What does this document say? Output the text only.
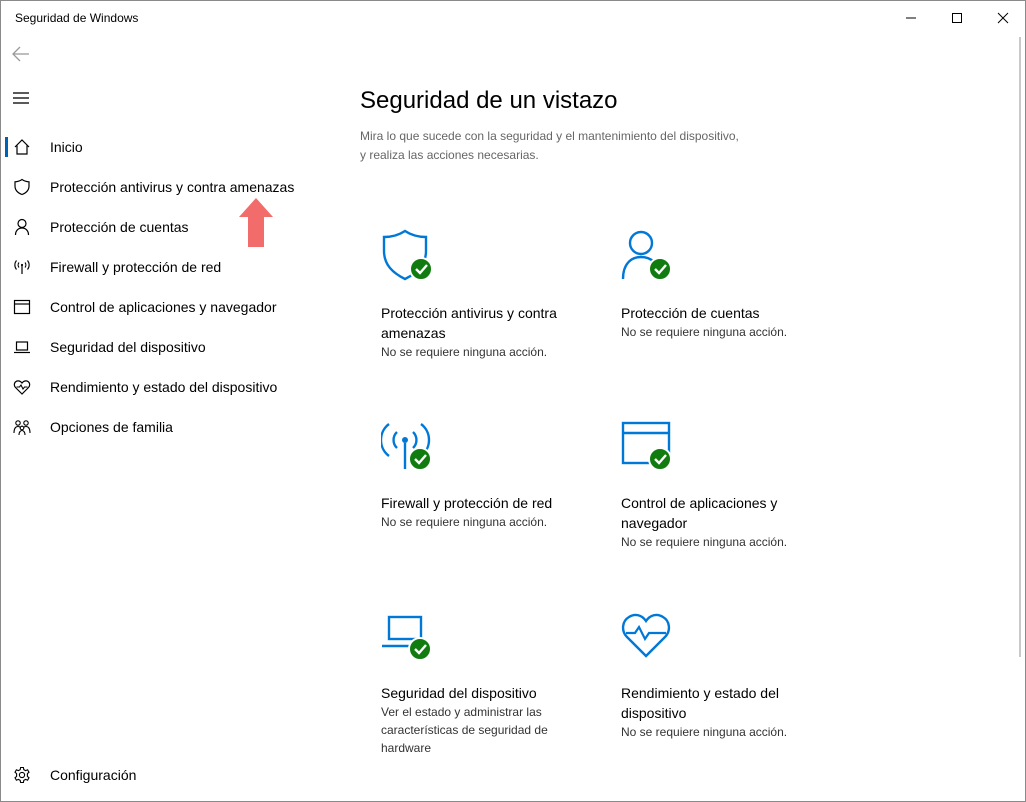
Seguridad de Windows
Inicio
Protección antivirus y contra amenazas
Protección de cuentas
Firewall y protección de red
Control de aplicaciones y navegador
Seguridad del dispositivo
Rendimiento y estado del dispositivo
Opciones de familia
Configuración
Seguridad de un vistazo
Mira lo que sucede con la seguridad y el mantenimiento del dispositivo, y realiza las acciones necesarias.
Protección antivirus y contra amenazas
No se requiere ninguna acción.
Protección de cuentas
No se requiere ninguna acción.
Firewall y protección de red
No se requiere ninguna acción.
Control de aplicaciones y navegador
No se requiere ninguna acción.
Seguridad del dispositivo
Ver el estado y administrar las características de seguridad de hardware
Rendimiento y estado del dispositivo
No se requiere ninguna acción.
